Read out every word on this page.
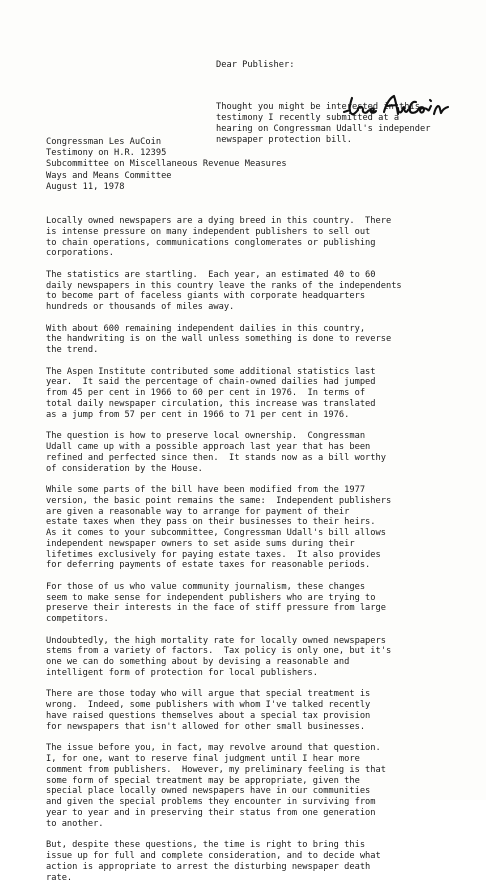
Dear Publisher:

Thought you might be interested in this
testimony I recently submitted at a
hearing on Congressman Udall's independer
newspaper protection bill.

Congressman Les AuCoin
Testimony on H.R. 12395
Subcommittee on Miscellaneous Revenue Measures
Ways and Means Committee
August 11, 1978
Locally owned newspapers are a dying breed in this country.  There
is intense pressure on many independent publishers to sell out
to chain operations, communications conglomerates or publishing
corporations.
The statistics are startling.  Each year, an estimated 40 to 60
daily newspapers in this country leave the ranks of the independents
to become part of faceless giants with corporate headquarters
hundreds or thousands of miles away.
With about 600 remaining independent dailies in this country,
the handwriting is on the wall unless something is done to reverse
the trend.
The Aspen Institute contributed some additional statistics last
year.  It said the percentage of chain-owned dailies had jumped
from 45 per cent in 1966 to 60 per cent in 1976.  In terms of
total daily newspaper circulation, this increase was translated
as a jump from 57 per cent in 1966 to 71 per cent in 1976.
The question is how to preserve local ownership.  Congressman
Udall came up with a possible approach last year that has been
refined and perfected since then.  It stands now as a bill worthy
of consideration by the House.
While some parts of the bill have been modified from the 1977
version, the basic point remains the same:  Independent publishers
are given a reasonable way to arrange for payment of their
estate taxes when they pass on their businesses to their heirs.
As it comes to your subcommittee, Congressman Udall's bill allows
independent newspaper owners to set aside sums during their
lifetimes exclusively for paying estate taxes.  It also provides
for deferring payments of estate taxes for reasonable periods.
For those of us who value community journalism, these changes
seem to make sense for independent publishers who are trying to
preserve their interests in the face of stiff pressure from large
competitors.
Undoubtedly, the high mortality rate for locally owned newspapers
stems from a variety of factors.  Tax policy is only one, but it's
one we can do something about by devising a reasonable and
intelligent form of protection for local publishers.
There are those today who will argue that special treatment is
wrong.  Indeed, some publishers with whom I've talked recently
have raised questions themselves about a special tax provision
for newspapers that isn't allowed for other small businesses.
The issue before you, in fact, may revolve around that question.
I, for one, want to reserve final judgment until I hear more
comment from publishers.  However, my preliminary feeling is that
some form of special treatment may be appropriate, given the
special place locally owned newspapers have in our communities
and given the special problems they encounter in surviving from
year to year and in preserving their status from one generation
to another.
But, despite these questions, the time is right to bring this
issue up for full and complete consideration, and to decide what
action is appropriate to arrest the disturbing newspaper death
rate.
